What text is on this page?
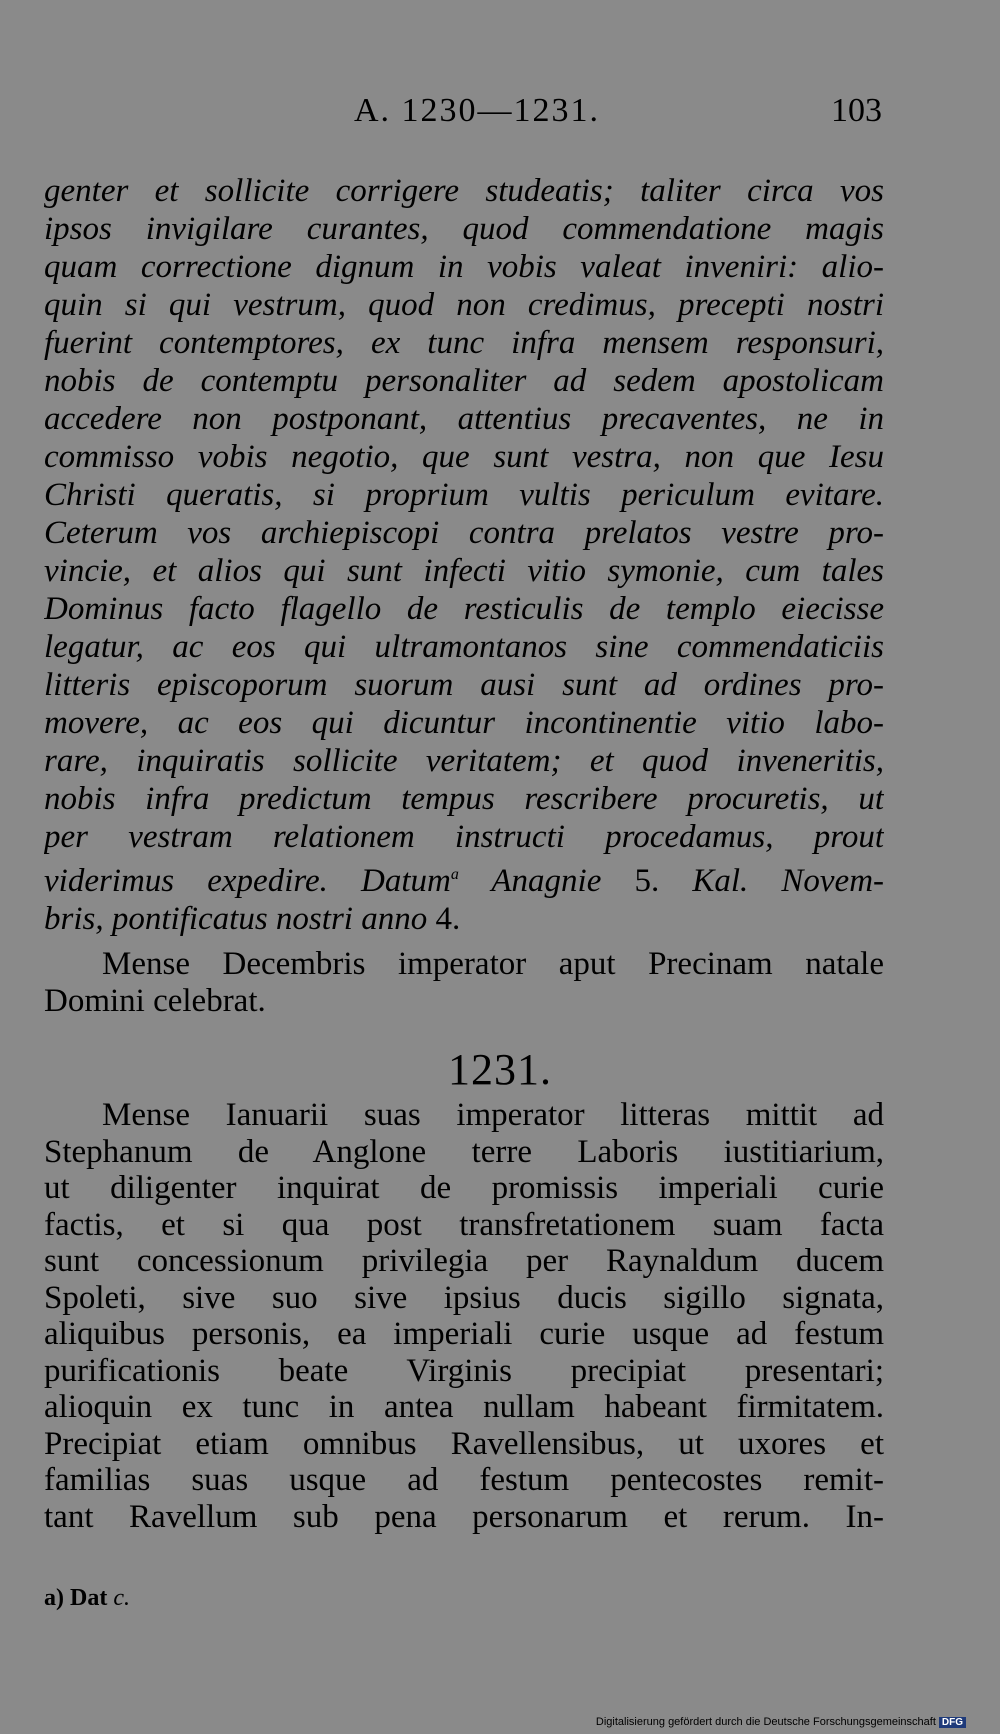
A. 1230—1231.	103
genter et sollicite corrigere studeatis; taliter circa vos
ipsos invigilare curantes, quod commendatione magis
quam correctione dignum in vobis valeat inveniri: alio-
quin si qui vestrum, quod non credimus, precepti nostri
fuerint contemptores, ex tunc infra mensem responsuri,
nobis de contemptu personaliter ad sedem apostolicam
accedere non postponant, attentius precaventes, ne in
commisso vobis negotio, que sunt vestra, non que Iesu
Christi queratis, si proprium vultis periculum evitare.
Ceterum vos archiepiscopi contra prelatos vestre pro-
vincie, et alios qui sunt infecti vitio symonie, cum tales
Dominus facto flagello de resticulis de templo eiecisse
legatur, ac eos qui ultramontanos sine commendaticiis
litteris episcoporum suorum ausi sunt ad ordines pro-
movere, ac eos qui dicuntur incontinentie vitio labo-
rare, inquiratis sollicite veritatem; et quod inveneritis,
nobis infra predictum tempus rescribere procuretis, ut
per vestram relationem instructi procedamus, prout
viderimus expedire. Datum$^a$ Anagnie 5. Kal. Novem-
bris, pontificatus nostri anno 4.
Mense Decembris imperator aput Precinam natale
Domini celebrat.
1231.
Mense Ianuarii suas imperator litteras mittit ad
Stephanum de Anglone terre Laboris iustitiarium,
ut diligenter inquirat de promissis imperiali curie
factis, et si qua post transfretationem suam facta
sunt concessionum privilegia per Raynaldum ducem
Spoleti, sive suo sive ipsius ducis sigillo signata,
aliquibus personis, ea imperiali curie usque ad festum
purificationis beate Virginis precipiat presentari;
alioquin ex tunc in antea nullam habeant firmitatem.
Precipiat etiam omnibus Ravellensibus, ut uxores et
familias suas usque ad festum pentecostes remit-
tant Ravellum sub pena personarum et rerum. In-
a) Dat c.
Digitalisierung gefördert durch die Deutsche Forschungsgemeinschaft DFG
